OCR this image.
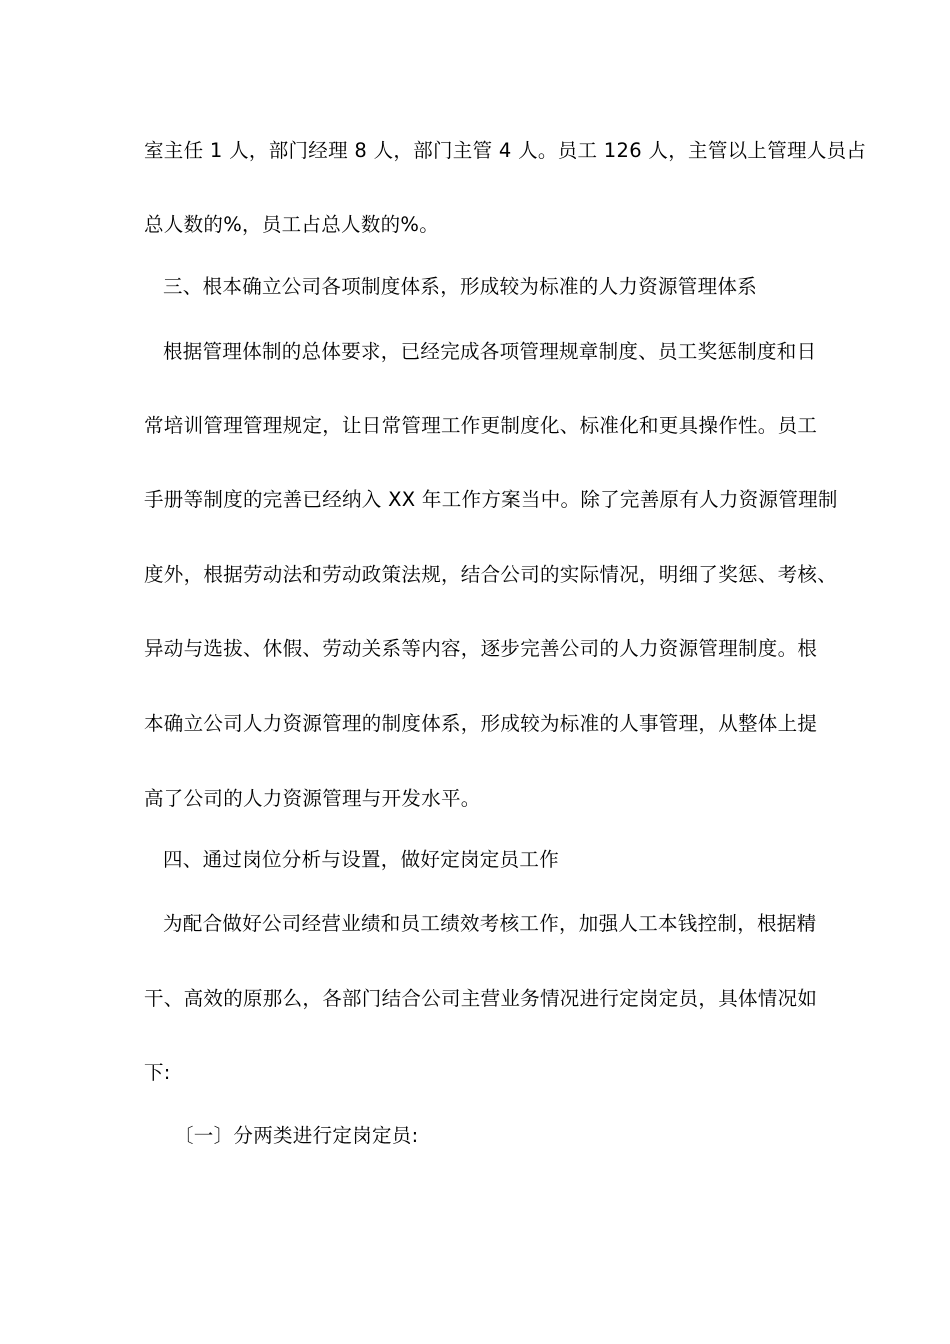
室主任 1 人，部门经理 8 人，部门主管 4 人。员工 126 人，主管以上管理人员占
总人数的%，员工占总人数的%。
三、根本确立公司各项制度体系，形成较为标准的人力资源管理体系
根据管理体制的总体要求，已经完成各项管理规章制度、员工奖惩制度和日
常培训管理管理规定，让日常管理工作更制度化、标准化和更具操作性。员工
手册等制度的完善已经纳入 XX 年工作方案当中。除了完善原有人力资源管理制
度外，根据劳动法和劳动政策法规，结合公司的实际情况，明细了奖惩、考核、
异动与选拔、休假、劳动关系等内容，逐步完善公司的人力资源管理制度。根
本确立公司人力资源管理的制度体系，形成较为标准的人事管理，从整体上提
高了公司的人力资源管理与开发水平。
四、通过岗位分析与设置，做好定岗定员工作
为配合做好公司经营业绩和员工绩效考核工作，加强人工本钱控制，根据精
干、高效的原那么，各部门结合公司主营业务情况进行定岗定员，具体情况如
下:
〔一〕分两类进行定岗定员:
